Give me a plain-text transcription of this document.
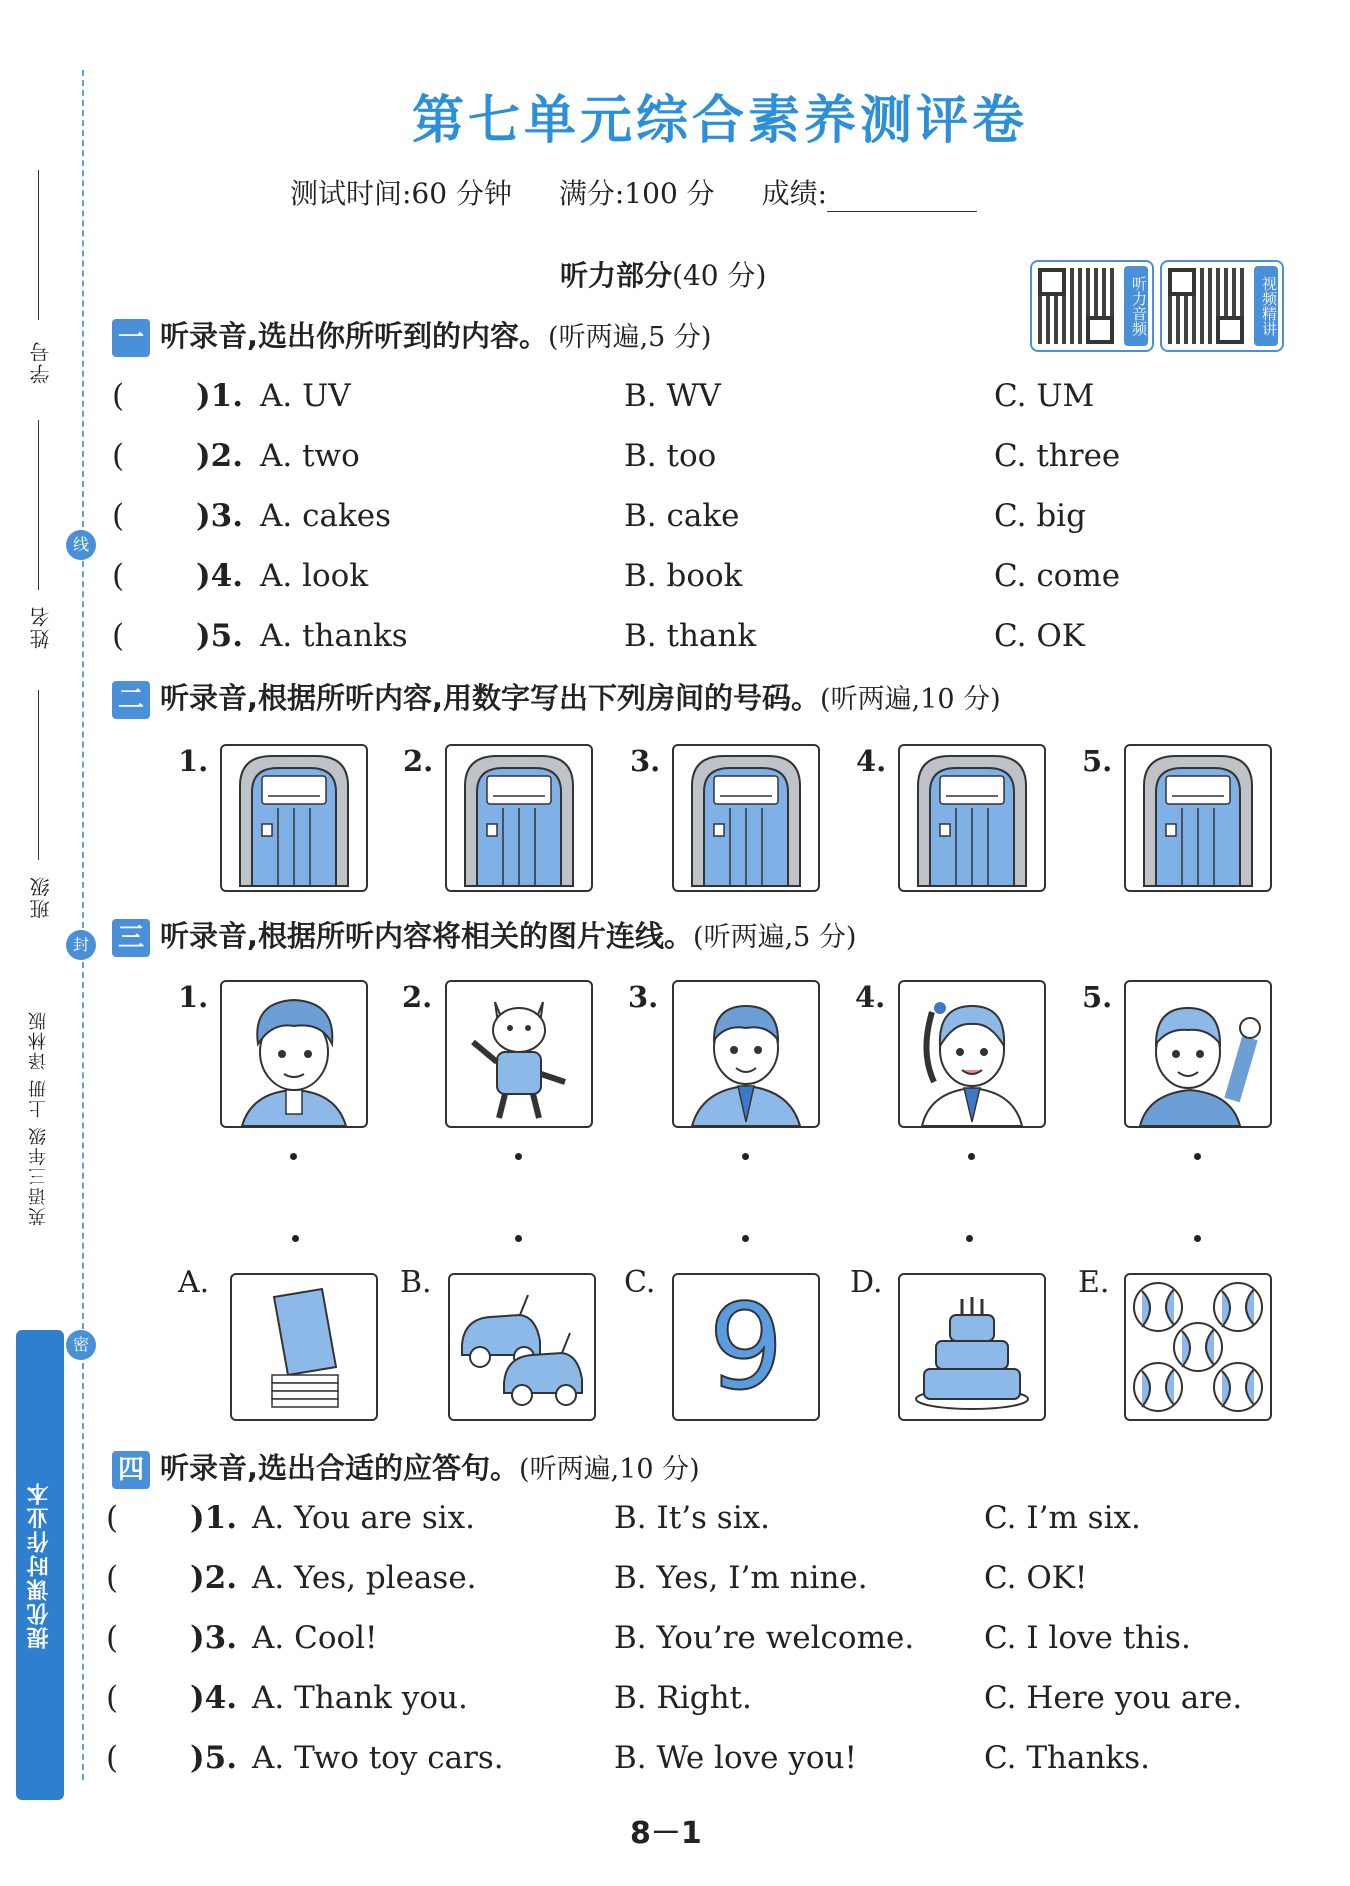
学号
姓名
班级
英语三年级 上册 译林版
线
封
密
提优课时作业本
第七单元综合素养测评卷
测试时间:60 分钟 满分:100 分 成绩:
听力部分(40 分)
听力音频	视频精讲
一 听录音,选出你所听到的内容。(听两遍,5 分)
( )1. A. UV	B. WV	C. UM
( )2. A. two	B. too	C. three
( )3. A. cakes	B. cake	C. big
( )4. A. look	B. book	C. come
( )5. A. thanks	B. thank	C. OK
二 听录音,根据所听内容,用数字写出下列房间的号码。(听两遍,10 分)
1.	2.	3.	4.	5.
三 听录音,根据所听内容将相关的图片连线。(听两遍,5 分)
1.	2.	3.	4.	5.
A.	B.	C.	D.	E.
9
四 听录音,选出合适的应答句。(听两遍,10 分)
( )1. A. You are six.	B. It’s six.	C. I’m six.
( )2. A. Yes, please.	B. Yes, I’m nine.	C. OK!
( )3. A. Cool!	B. You’re welcome. C. I love this.
( )4. A. Thank you.	B. Right.	C. Here you are.
( )5. A. Two toy cars.	B. We love you!	C. Thanks.
8－1
